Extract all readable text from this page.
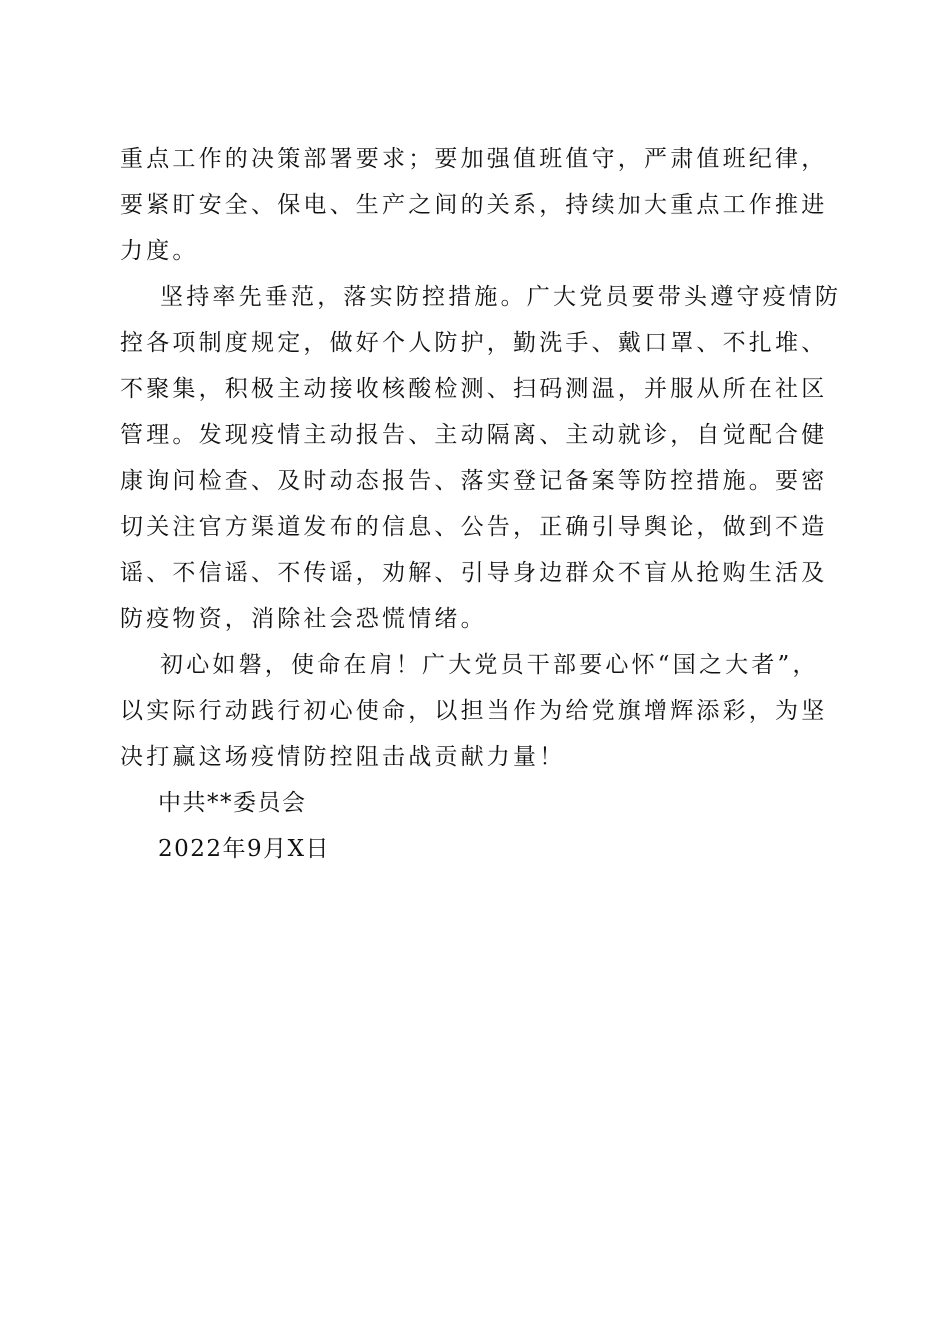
重点工作的决策部署要求；要加强值班值守，严肃值班纪律，
要紧盯安全、保电、生产之间的关系，持续加大重点工作推进
力度。
坚持率先垂范，落实防控措施。广大党员要带头遵守疫情防
控各项制度规定，做好个人防护，勤洗手、戴口罩、不扎堆、
不聚集，积极主动接收核酸检测、扫码测温，并服从所在社区
管理。发现疫情主动报告、主动隔离、主动就诊，自觉配合健
康询问检查、及时动态报告、落实登记备案等防控措施。要密
切关注官方渠道发布的信息、公告，正确引导舆论，做到不造
谣、不信谣、不传谣，劝解、引导身边群众不盲从抢购生活及
防疫物资，消除社会恐慌情绪。
初心如磐，使命在肩！广大党员干部要心怀“国之大者”，
以实际行动践行初心使命，以担当作为给党旗增辉添彩，为坚
决打赢这场疫情防控阻击战贡献力量！
中共**委员会
2022年9月X日
